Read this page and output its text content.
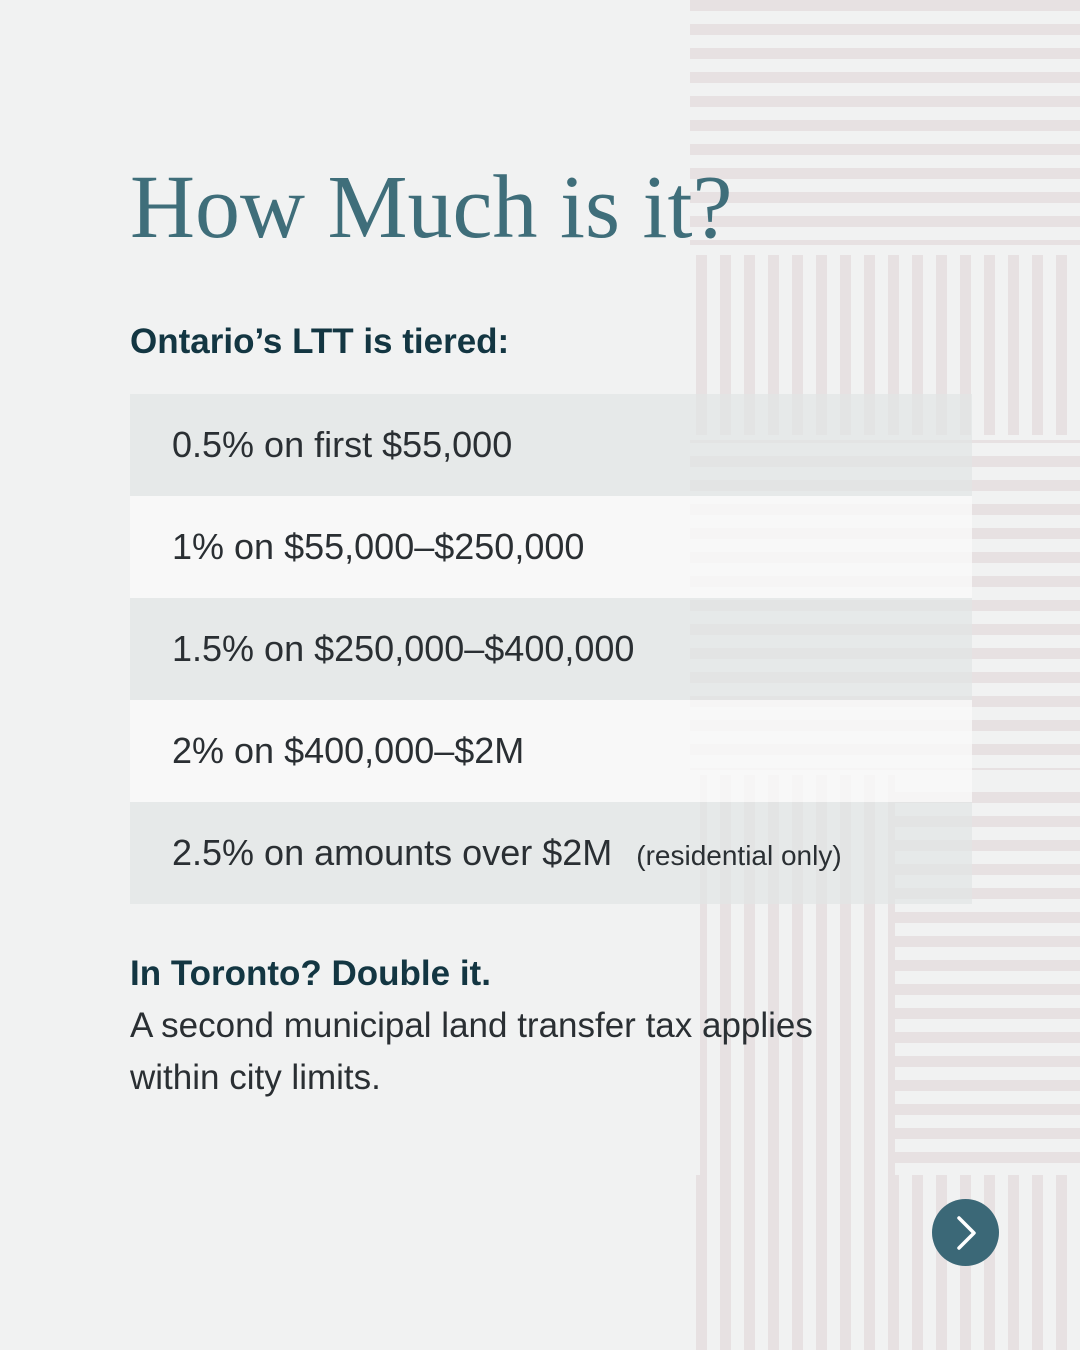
How Much is it?
Ontario’s LTT is tiered:
0.5% on first $55,000
1% on $55,000–$250,000
1.5% on $250,000–$400,000
2% on $400,000–$2M
2.5% on amounts over $2M (residential only)
In Toronto? Double it.
A second municipal land transfer tax applies within city limits.
